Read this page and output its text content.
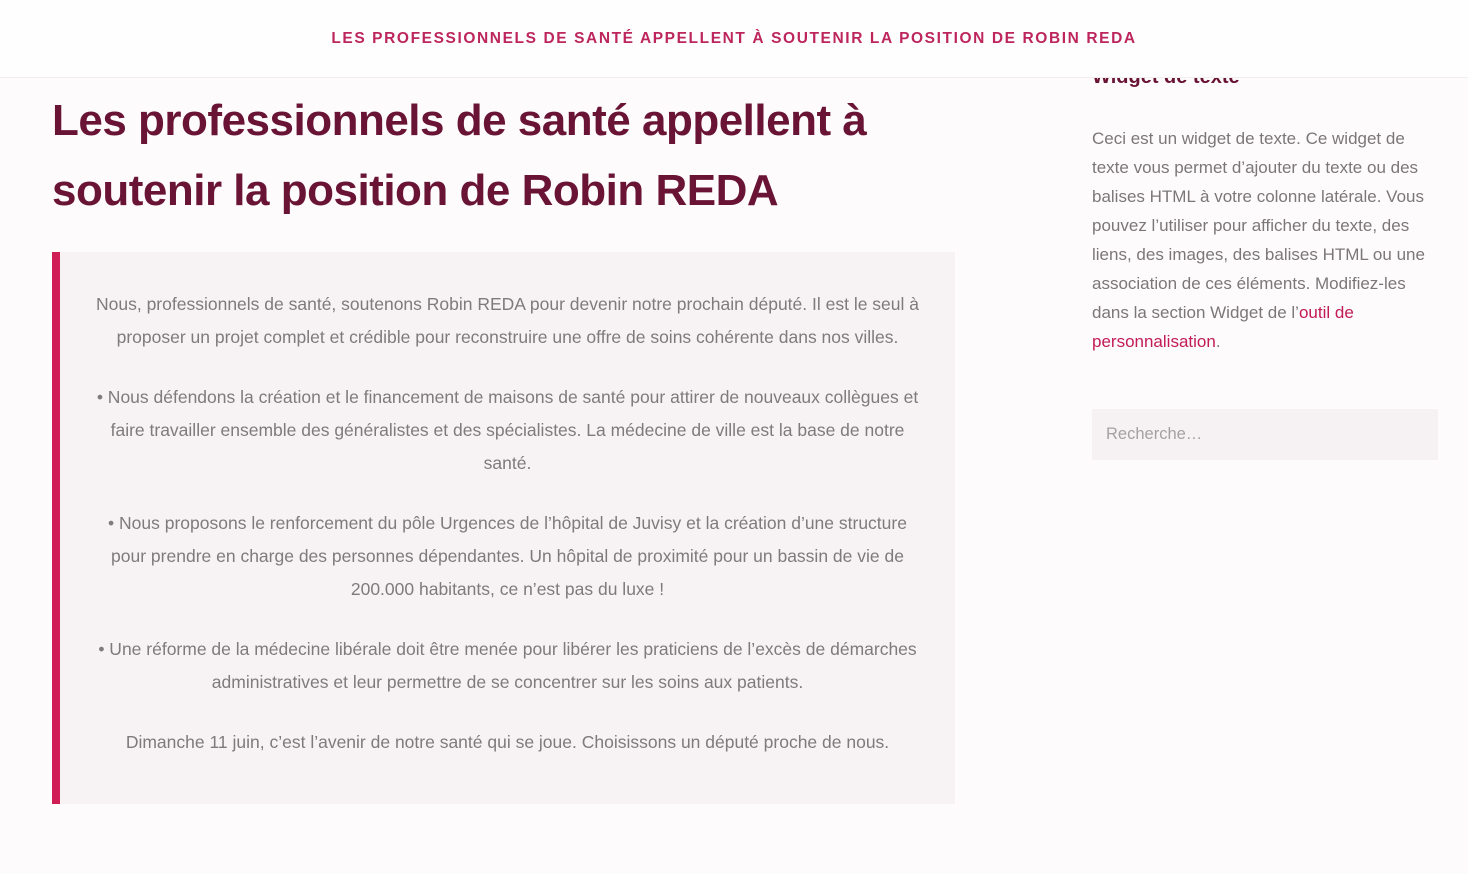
LES PROFESSIONNELS DE SANTÉ APPELLENT À SOUTENIR LA POSITION DE ROBIN REDA
Les professionnels de santé appellent à soutenir la position de Robin REDA

Nous, professionnels de santé, soutenons Robin REDA pour devenir notre prochain député. Il est le seul à proposer un projet complet et crédible pour reconstruire une offre de soins cohérente dans nos villes.

• Nous défendons la création et le financement de maisons de santé pour attirer de nouveaux collègues et faire travailler ensemble des généralistes et des spécialistes. La médecine de ville est la base de notre santé.

• Nous proposons le renforcement du pôle Urgences de l’hôpital de Juvisy et la création d’une structure pour prendre en charge des personnes dépendantes. Un hôpital de proximité pour un bassin de vie de 200.000 habitants, ce n’est pas du luxe !

• Une réforme de la médecine libérale doit être menée pour libérer les praticiens de l’excès de démarches administratives et leur permettre de se concentrer sur les soins aux patients.

Dimanche 11 juin, c’est l’avenir de notre santé qui se joue. Choisissons un député proche de nous.

Ceci est un widget de texte. Ce widget de texte vous permet d’ajouter du texte ou des balises HTML à votre colonne latérale. Vous pouvez l’utiliser pour afficher du texte, des liens, des images, des balises HTML ou une association de ces éléments. Modifiez-les dans la section Widget de l’outil de personnalisation.

Recherche…
